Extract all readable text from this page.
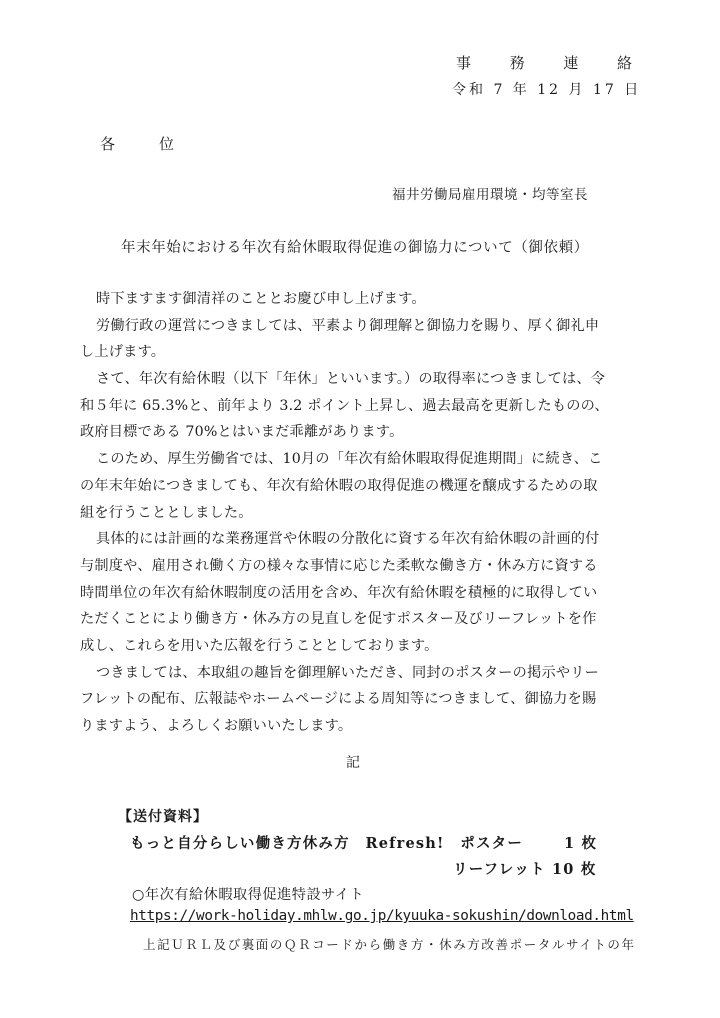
事	務	連	絡
令和 7 年 12 月 17 日
各位
福井労働局雇用環境・均等室長
年末年始における年次有給休暇取得促進の御協力について（御依頼）
時下ますます御清祥のこととお慶び申し上げます。
労働行政の運営につきましては、平素より御理解と御協力を賜り、厚く御礼申
し上げます。
さて、年次有給休暇（以下「年休」といいます。）の取得率につきましては、令
和５年に 65.3%と、前年より 3.2 ポイント上昇し、過去最高を更新したものの、
政府目標である 70%とはいまだ乖離があります。
このため、厚生労働省では、10月の「年次有給休暇取得促進期間」に続き、こ
の年末年始につきましても、年次有給休暇の取得促進の機運を醸成するための取
組を行うこととしました。
具体的には計画的な業務運営や休暇の分散化に資する年次有給休暇の計画的付
与制度や、雇用され働く方の様々な事情に応じた柔軟な働き方・休み方に資する
時間単位の年次有給休暇制度の活用を含め、年次有給休暇を積極的に取得してい
ただくことにより働き方・休み方の見直しを促すポスター及びリーフレットを作
成し、これらを用いた広報を行うこととしております。
つきましては、本取組の趣旨を御理解いただき、同封のポスターの掲示やリー
フレットの配布、広報誌やホームページによる周知等につきまして、御協力を賜
りますよう、よろしくお願いいたします。
記
【送付資料】
もっと自分らしい働き方休み方　Refresh!　ポスター	1 枚
リーフレット 10 枚
○年次有給休暇取得促進特設サイト
https://work-holiday.mhlw.go.jp/kyuuka-sokushin/download.html
上記ＵＲＬ及び裏面のＱＲコードから働き方・休み方改善ポータルサイトの年
